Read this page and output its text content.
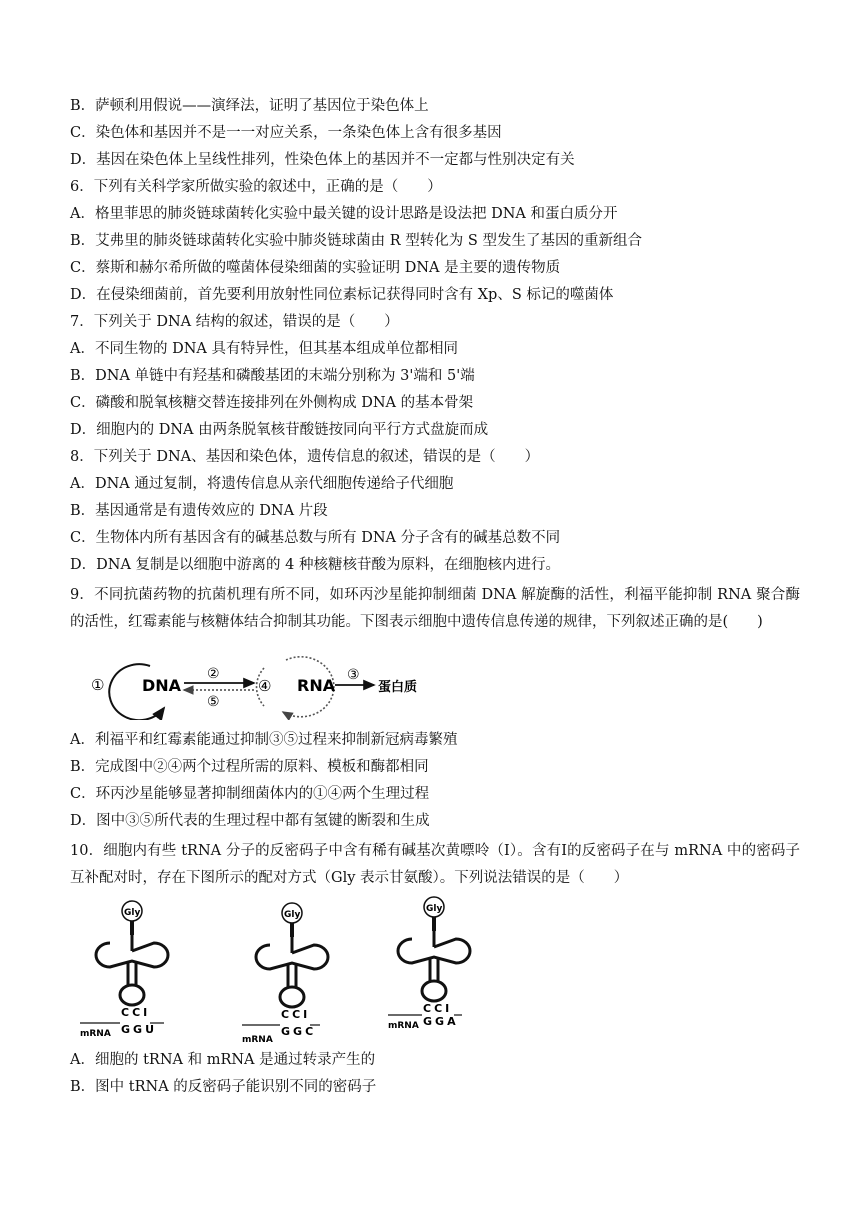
B．萨顿利用假说——演绎法，证明了基因位于染色体上
C．染色体和基因并不是一一对应关系，一条染色体上含有很多基因
D．基因在染色体上呈线性排列，性染色体上的基因并不一定都与性别决定有关
6．下列有关科学家所做实验的叙述中，正确的是（　　）
A．格里菲思的肺炎链球菌转化实验中最关键的设计思路是设法把 DNA 和蛋白质分开
B．艾弗里的肺炎链球菌转化实验中肺炎链球菌由 R 型转化为 S 型发生了基因的重新组合
C．蔡斯和赫尔希所做的噬菌体侵染细菌的实验证明 DNA 是主要的遗传物质
D．在侵染细菌前，首先要利用放射性同位素标记获得同时含有 Xp、S 标记的噬菌体
7．下列关于 DNA 结构的叙述，错误的是（　　）
A．不同生物的 DNA 具有特异性，但其基本组成单位都相同
B．DNA 单链中有羟基和磷酸基团的末端分别称为 3'端和 5'端
C．磷酸和脱氧核糖交替连接排列在外侧构成 DNA 的基本骨架
D．细胞内的 DNA 由两条脱氧核苷酸链按同向平行方式盘旋而成
8．下列关于 DNA、基因和染色体，遗传信息的叙述，错误的是（　　）
A．DNA 通过复制，将遗传信息从亲代细胞传递给子代细胞
B．基因通常是有遗传效应的 DNA 片段
C．生物体内所有基因含有的碱基总数与所有 DNA 分子含有的碱基总数不同
D．DNA 复制是以细胞中游离的 4 种核糖核苷酸为原料，在细胞核内进行。
9．不同抗菌药物的抗菌机理有所不同，如环丙沙星能抑制细菌 DNA 解旋酶的活性，利福平能抑制 RNA 聚合酶的活性，红霉素能与核糖体结合抑制其功能。下图表示细胞中遗传信息传递的规律，下列叙述正确的是(　　)
① DNA
②
⑤
④ RNA
③
蛋白质
A．利福平和红霉素能通过抑制③⑤过程来抑制新冠病毒繁殖
B．完成图中②④两个过程所需的原料、模板和酶都相同
C．环丙沙星能够显著抑制细菌体内的①④两个生理过程
D．图中③⑤所代表的生理过程中都有氢键的断裂和生成
10．细胞内有些 tRNA 分子的反密码子中含有稀有碱基次黄嘌呤（Ⅰ）。含有Ⅰ的反密码子在与 mRNA 中的密码子互补配对时，存在下图所示的配对方式（Gly 表示甘氨酸）。下列说法错误的是（　　）
Gly
C C I
G G U
mRNA
Gly
C C I
G G C
mRNA
Gly
C C I
G G A
mRNA
A．细胞的 tRNA 和 mRNA 是通过转录产生的
B．图中 tRNA 的反密码子能识别不同的密码子
